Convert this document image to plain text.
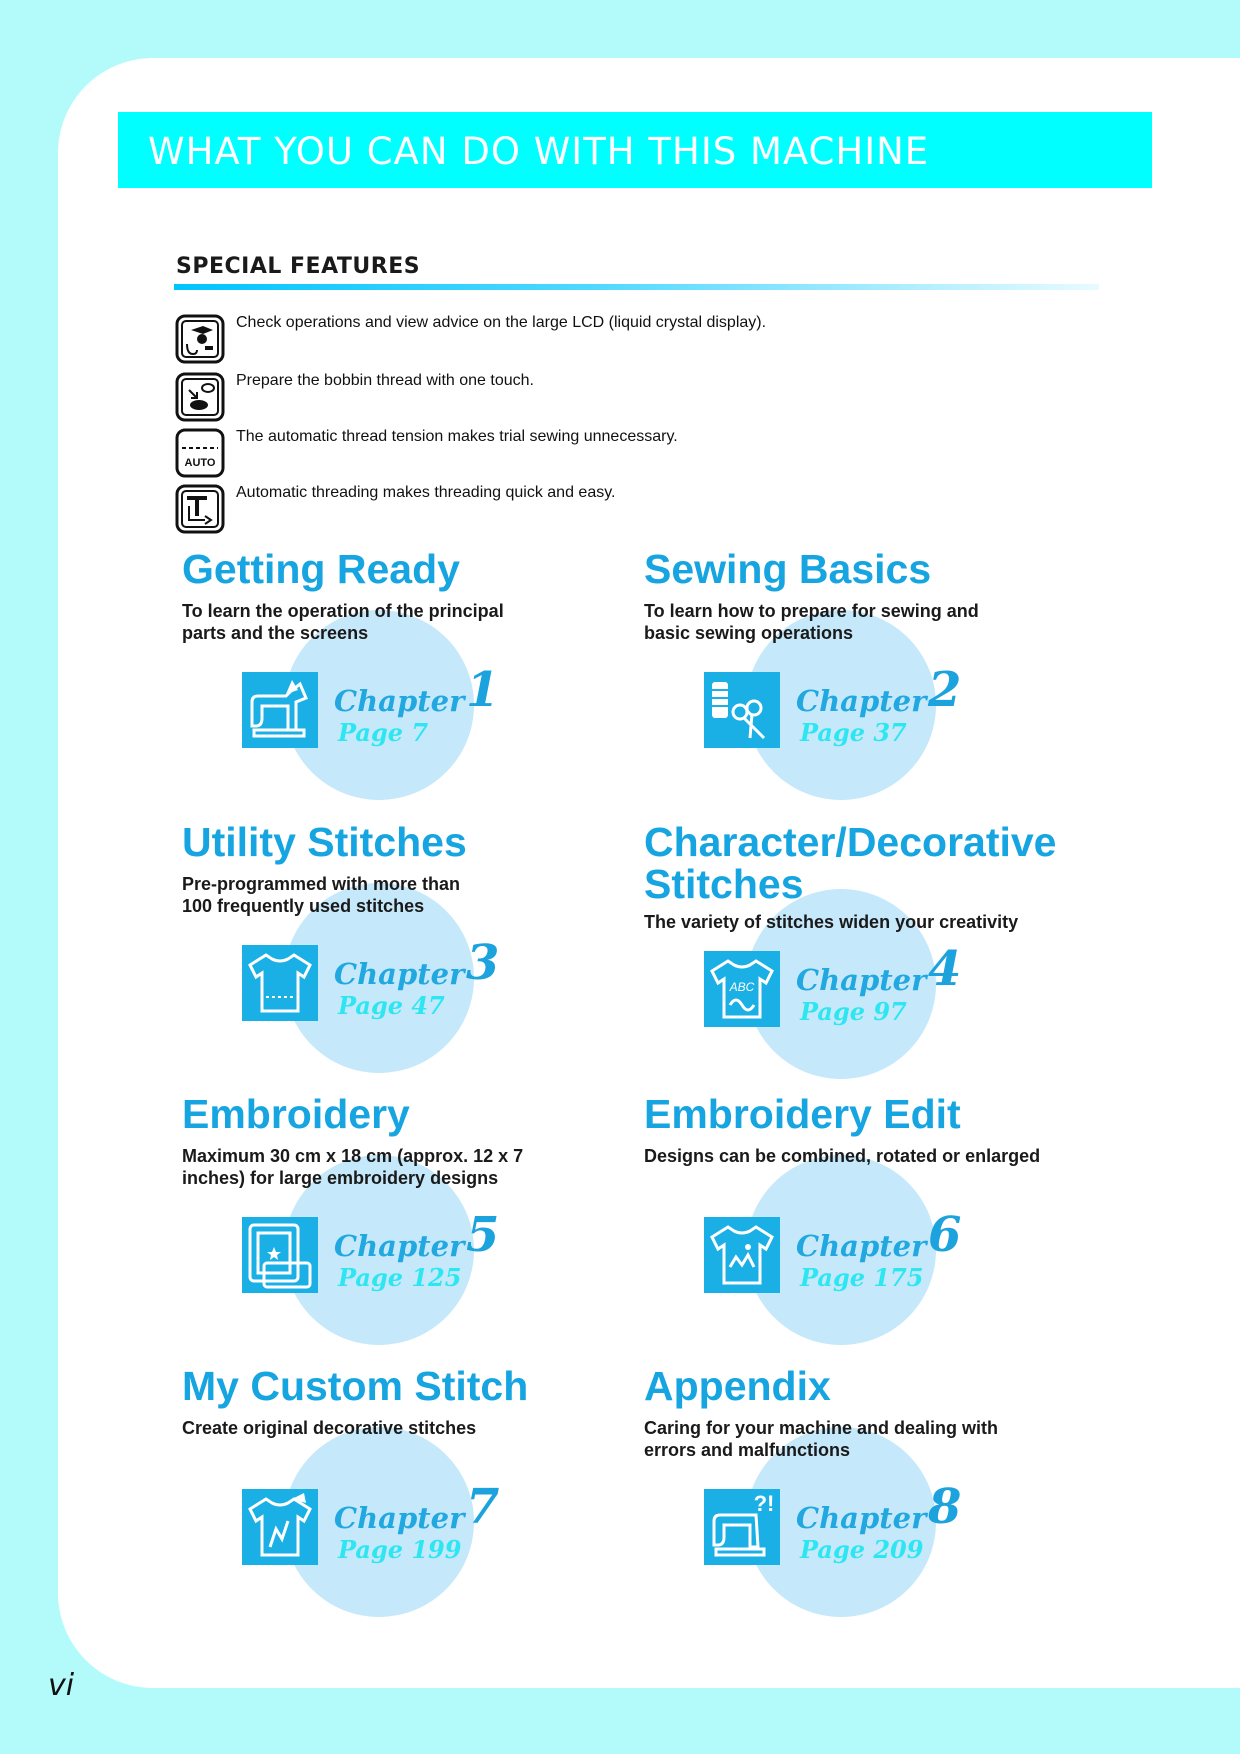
WHAT YOU CAN DO WITH THIS MACHINE
SPECIAL FEATURES
Check operations and view advice on the large LCD (liquid crystal display).
Prepare the bobbin thread with one touch.
AUTO
The automatic thread tension makes trial sewing unnecessary.
Automatic threading makes threading quick and easy.
Getting Ready
To learn the operation of the principal
parts and the screens
Chapter 1
Page 7
Sewing Basics
To learn how to prepare for sewing and
basic sewing operations
Chapter 2
Page 37
Utility Stitches
Pre-programmed with more than
100 frequently used stitches
Chapter 3
Page 47
Character/Decorative
Stitches
The variety of stitches widen your creativity
ABC Chapter 4
Page 97
Embroidery
Maximum 30 cm x 18 cm (approx. 12 x 7
inches) for large embroidery designs
Chapter 5
Page 125
Embroidery Edit
Designs can be combined, rotated or enlarged
Chapter 6
Page 175
My Custom Stitch
Create original decorative stitches
Chapter 7
Page 199
Appendix
Caring for your machine and dealing with
errors and malfunctions
?! Chapter 8
Page 209
vi
